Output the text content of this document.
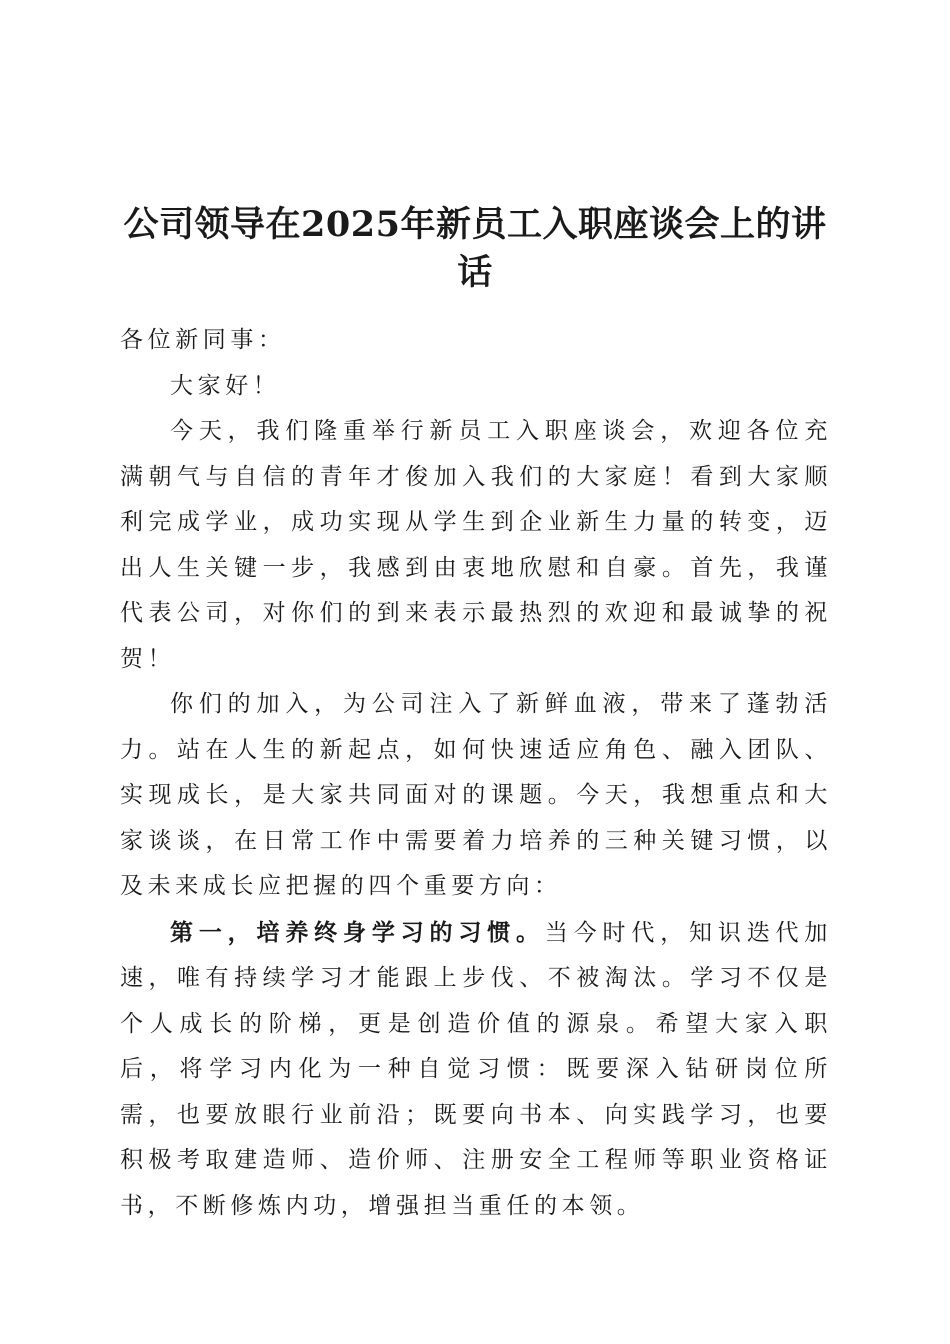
公司领导在2025年新员工入职座谈会上的讲话

各位新同事：

大家好！

今天，我们隆重举行新员工入职座谈会，欢迎各位充满朝气与自信的青年才俊加入我们的大家庭！看到大家顺利完成学业，成功实现从学生到企业新生力量的转变，迈出人生关键一步，我感到由衷地欣慰和自豪。首先，我谨代表公司，对你们的到来表示最热烈的欢迎和最诚挚的祝贺！

你们的加入，为公司注入了新鲜血液，带来了蓬勃活力。站在人生的新起点，如何快速适应角色、融入团队、实现成长，是大家共同面对的课题。今天，我想重点和大家谈谈，在日常工作中需要着力培养的三种关键习惯，以及未来成长应把握的四个重要方向：

第一，培养终身学习的习惯。当今时代，知识迭代加速，唯有持续学习才能跟上步伐、不被淘汰。学习不仅是个人成长的阶梯，更是创造价值的源泉。希望大家入职后，将学习内化为一种自觉习惯：既要深入钻研岗位所需，也要放眼行业前沿；既要向书本、向实践学习，也要积极考取建造师、造价师、注册安全工程师等职业资格证书，不断修炼内功，增强担当重任的本领。
